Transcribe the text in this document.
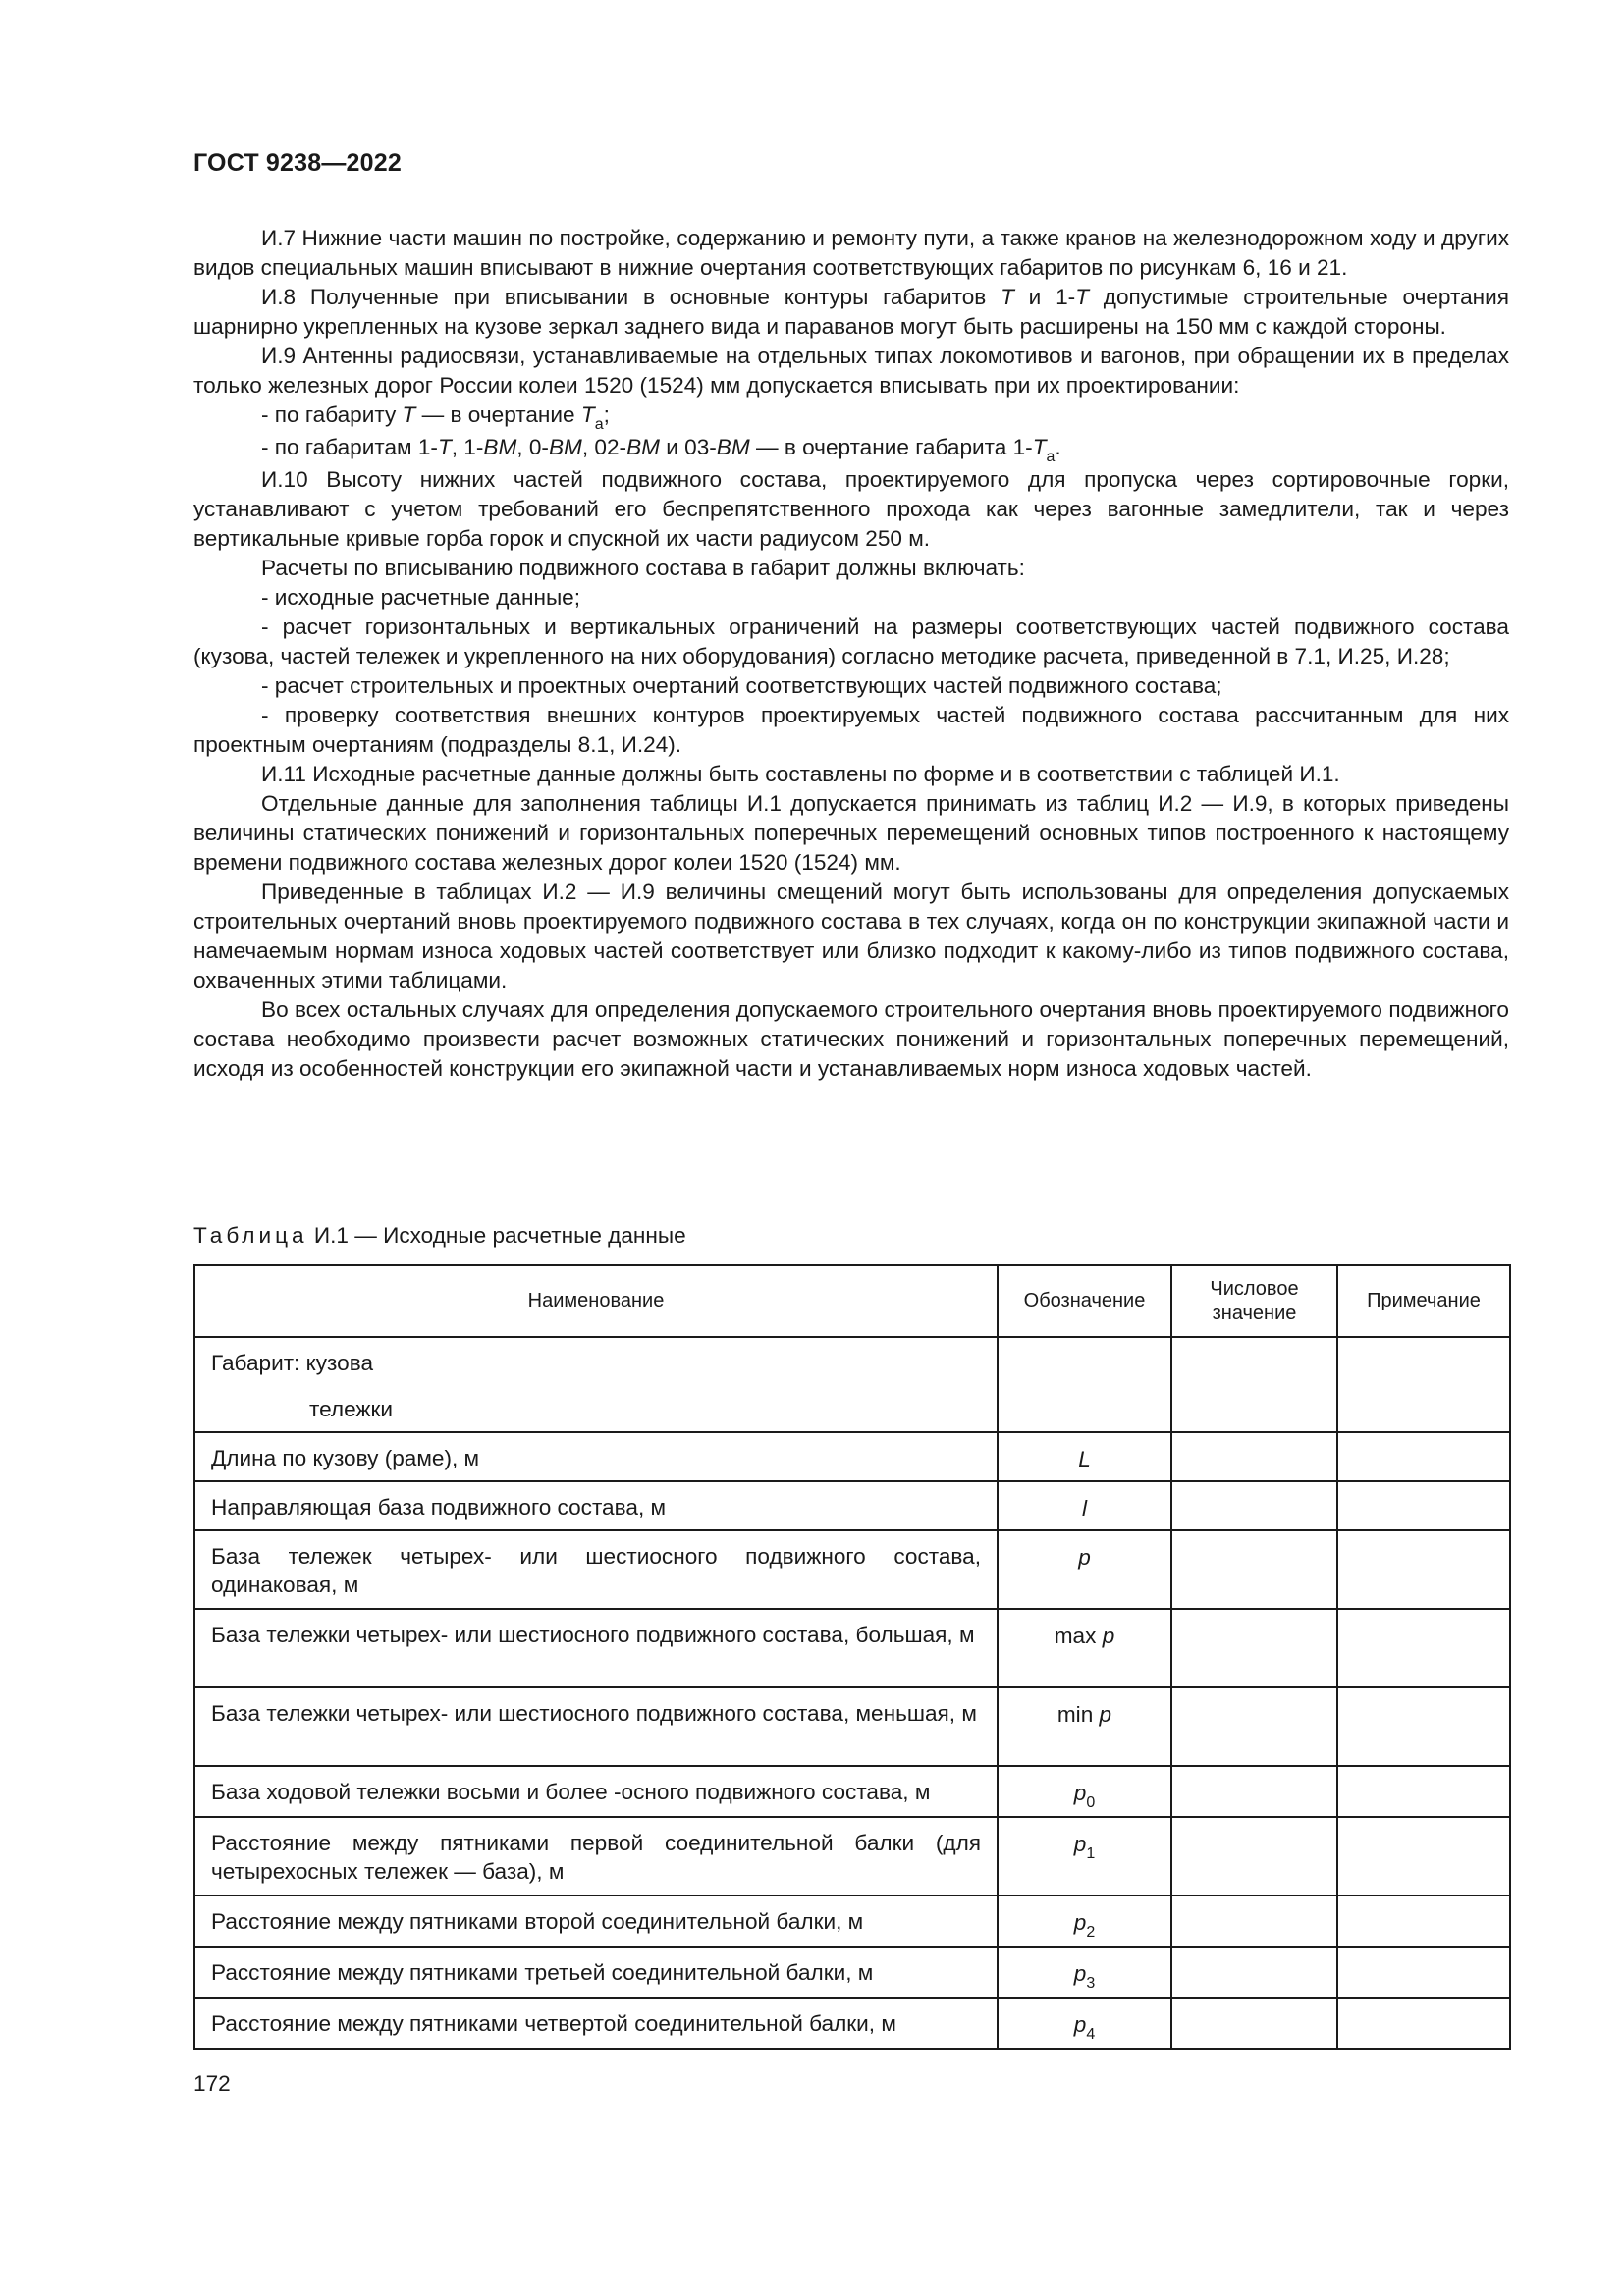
ГОСТ 9238—2022

И.7 Нижние части машин по постройке, содержанию и ремонту пути, а также кранов на железнодорожном ходу и других видов специальных машин вписывают в нижние очертания соответствующих габаритов по рисункам 6, 16 и 21.

И.8 Полученные при вписывании в основные контуры габаритов Т и 1-Т допустимые строительные очертания шарнирно укрепленных на кузове зеркал заднего вида и параванов могут быть расширены на 150 мм с каждой стороны.

И.9 Антенны радиосвязи, устанавливаемые на отдельных типах локомотивов и вагонов, при обращении их в пределах только железных дорог России колеи 1520 (1524) мм допускается вписывать при их проектировании:

- по габариту Т — в очертание $Т_а$;

- по габаритам 1-Т, 1-ВМ, 0-ВМ, 02-ВМ и 03-ВМ — в очертание габарита $1-Т_а$.

И.10 Высоту нижних частей подвижного состава, проектируемого для пропуска через сортировочные горки, устанавливают с учетом требований его беспрепятственного прохода как через вагонные замедлители, так и через вертикальные кривые горба горок и спускной их части радиусом 250 м.

Расчеты по вписыванию подвижного состава в габарит должны включать:

- исходные расчетные данные;

- расчет горизонтальных и вертикальных ограничений на размеры соответствующих частей подвижного состава (кузова, частей тележек и укрепленного на них оборудования) согласно методике расчета, приведенной в 7.1, И.25, И.28;

- расчет строительных и проектных очертаний соответствующих частей подвижного состава;

- проверку соответствия внешних контуров проектируемых частей подвижного состава рассчитанным для них проектным очертаниям (подразделы 8.1, И.24).

И.11 Исходные расчетные данные должны быть составлены по форме и в соответствии с таблицей И.1.

Отдельные данные для заполнения таблицы И.1 допускается принимать из таблиц И.2 — И.9, в которых приведены величины статических понижений и горизонтальных поперечных перемещений основных типов построенного к настоящему времени подвижного состава железных дорог колеи 1520 (1524) мм.

Приведенные в таблицах И.2 — И.9 величины смещений могут быть использованы для определения допускаемых строительных очертаний вновь проектируемого подвижного состава в тех случаях, когда он по конструкции экипажной части и намечаемым нормам износа ходовых частей соответствует или близко подходит к какому-либо из типов подвижного состава, охваченных этими таблицами.

Во всех остальных случаях для определения допускаемого строительного очертания вновь проектируемого подвижного состава необходимо произвести расчет возможных статических понижений и горизонтальных поперечных перемещений, исходя из особенностей конструкции его экипажной части и устанавливаемых норм износа ходовых частей.

Таблица И.1 — Исходные расчетные данные
Наименование	Обозначение	Числовое значение	Примечание
Габарит: кузова
тележки			

Длина по кузову (раме), м	L		
Направляющая база подвижного состава, м	l		
База тележек четырех- или шестиосного подвижного состава, одинаковая, м	p		
База тележки четырех- или шестиосного подвижного состава, большая, м	max p		
База тележки четырех- или шестиосного подвижного состава, меньшая, м	min p		
База ходовой тележки восьми и более -осного подвижного состава, м	$p_0$		
Расстояние между пятниками первой соединительной балки (для четырехосных тележек — база), м	$p_1$		
Расстояние между пятниками второй соединительной балки, м	$p_2$		
Расстояние между пятниками третьей соединительной балки, м	$p_3$		
Расстояние между пятниками четвертой соединительной балки, м	$p_4$		
172
